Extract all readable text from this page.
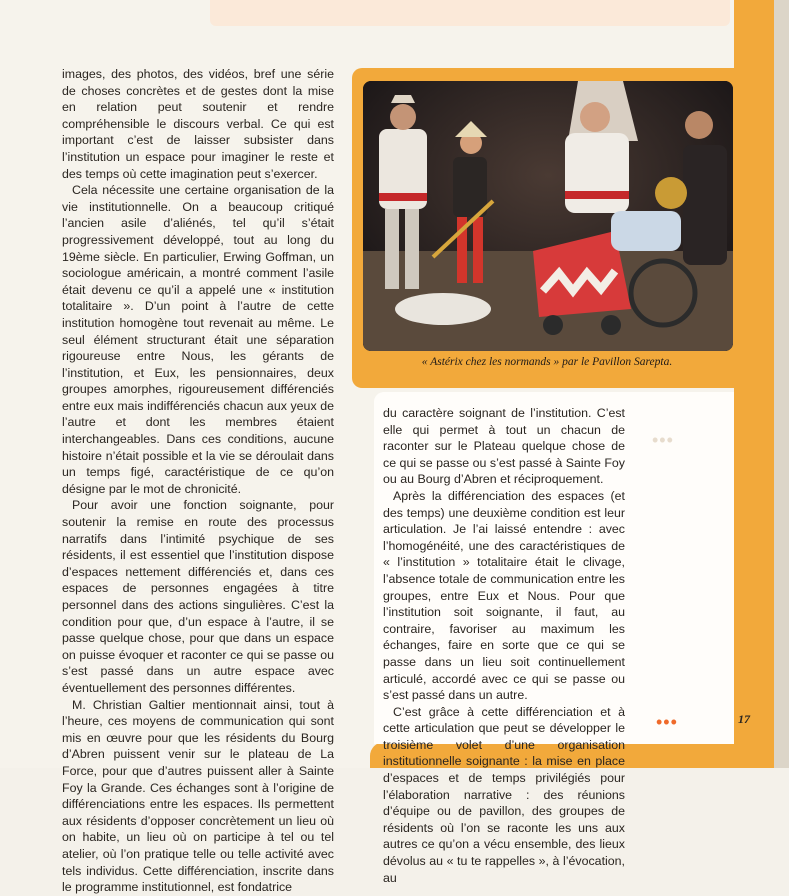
« Astérix chez les normands » par le Pavillon Sarepta.

images, des photos, des vidéos, bref une série de choses concrètes et de gestes dont la mise en relation peut soutenir et rendre compréhensible le discours verbal. Ce qui est important c’est de laisser subsister dans l’institution un espace pour imaginer le reste et des temps où cette imagination peut s’exercer.

Cela nécessite une certaine organisation de la vie institutionnelle. On a beaucoup critiqué l’ancien asile d’aliénés, tel qu’il s’était progressivement développé, tout au long du 19ème siècle. En particulier, Erwing Goffman, un sociologue américain, a montré comment l’asile était devenu ce qu’il a appelé une « institution totalitaire ». D’un point à l’autre de cette institution homogène tout revenait au même. Le seul élément structurant était une séparation rigoureuse entre Nous, les gérants de l’institution, et Eux, les pensionnaires, deux groupes amorphes, rigoureusement différenciés entre eux mais indifférenciés chacun aux yeux de l’autre et dont les membres étaient interchangeables. Dans ces conditions, aucune histoire n’était possible et la vie se déroulait dans un temps figé, caractéristique de ce qu’on désigne par le mot de chronicité.

Pour avoir une fonction soignante, pour soutenir la remise en route des processus narratifs dans l’intimité psychique de ses résidents, il est essentiel que l’institution dispose d’espaces nettement différenciés et, dans ces espaces de personnes engagées à titre personnel dans des actions singulières. C’est la condition pour que, d’un espace à l’autre, il se passe quelque chose, pour que dans un espace on puisse évoquer et raconter ce qui se passe ou s’est passé dans un autre espace avec éventuellement des personnes différentes.

M. Christian Galtier mentionnait ainsi, tout à l’heure, ces moyens de communication qui sont mis en œuvre pour que les résidents du Bourg d’Abren puissent venir sur le plateau de La Force, pour que d’autres puissent aller à Sainte Foy la Grande. Ces échanges sont à l’origine de différenciations entre les espaces. Ils permettent aux résidents d’opposer concrètement un lieu où on habite, un lieu où on participe à tel ou tel atelier, où l’on pratique telle ou telle activité avec tels individus. Cette différenciation, inscrite dans le programme institutionnel, est fondatrice

du caractère soignant de l’institution. C’est elle qui permet à tout un chacun de raconter sur le Plateau quelque chose de ce qui se passe ou s’est passé à Sainte Foy ou au Bourg d’Abren et réciproquement.

Après la différenciation des espaces (et des temps) une deuxième condition est leur articulation. Je l’ai laissé entendre : avec l’homogénéité, une des caractéristiques de « l’institution » totalitaire était le clivage, l’absence totale de communication entre les groupes, entre Eux et Nous. Pour que l’institution soit soignante, il faut, au contraire, favoriser au maximum les échanges, faire en sorte que ce qui se passe dans un lieu soit continuellement articulé, accordé avec ce qui se passe ou s’est passé dans un autre.

C’est grâce à cette différenciation et à cette articulation que peut se développer le troisième volet d’une organisation institutionnelle soignante : la mise en place d’espaces et de temps privilégiés pour l’élaboration narrative : des réunions d’équipe ou de pavillon, des groupes de résidents où l’on se raconte les uns aux autres ce qu’on a vécu ensemble, des lieux dévolus au « tu te rappelles », à l’évocation, au

•••
•••	17
